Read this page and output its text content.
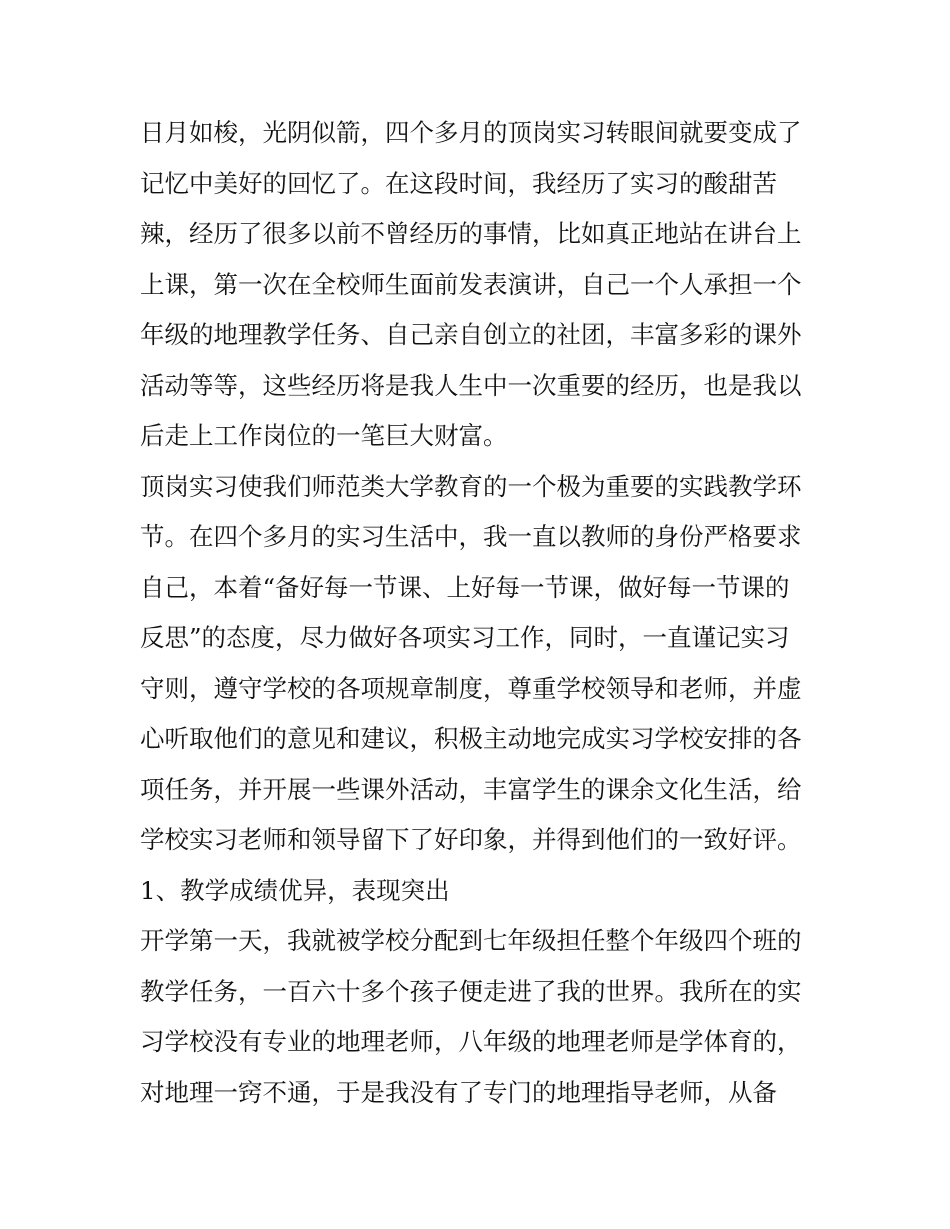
日月如梭，光阴似箭，四个多月的顶岗实习转眼间就要变成了
记忆中美好的回忆了。在这段时间，我经历了实习的酸甜苦
辣，经历了很多以前不曾经历的事情，比如真正地站在讲台上
上课，第一次在全校师生面前发表演讲，自己一个人承担一个
年级的地理教学任务、自己亲自创立的社团，丰富多彩的课外
活动等等，这些经历将是我人生中一次重要的经历，也是我以
后走上工作岗位的一笔巨大财富。
顶岗实习使我们师范类大学教育的一个极为重要的实践教学环
节。在四个多月的实习生活中，我一直以教师的身份严格要求
自己，本着“备好每一节课、上好每一节课，做好每一节课的
反思”的态度，尽力做好各项实习工作，同时，一直谨记实习
守则，遵守学校的各项规章制度，尊重学校领导和老师，并虚
心听取他们的意见和建议，积极主动地完成实习学校安排的各
项任务，并开展一些课外活动，丰富学生的课余文化生活，给
学校实习老师和领导留下了好印象，并得到他们的一致好评。
1、教学成绩优异，表现突出
开学第一天，我就被学校分配到七年级担任整个年级四个班的
教学任务，一百六十多个孩子便走进了我的世界。我所在的实
习学校没有专业的地理老师，八年级的地理老师是学体育的，
对地理一窍不通，于是我没有了专门的地理指导老师，从备
